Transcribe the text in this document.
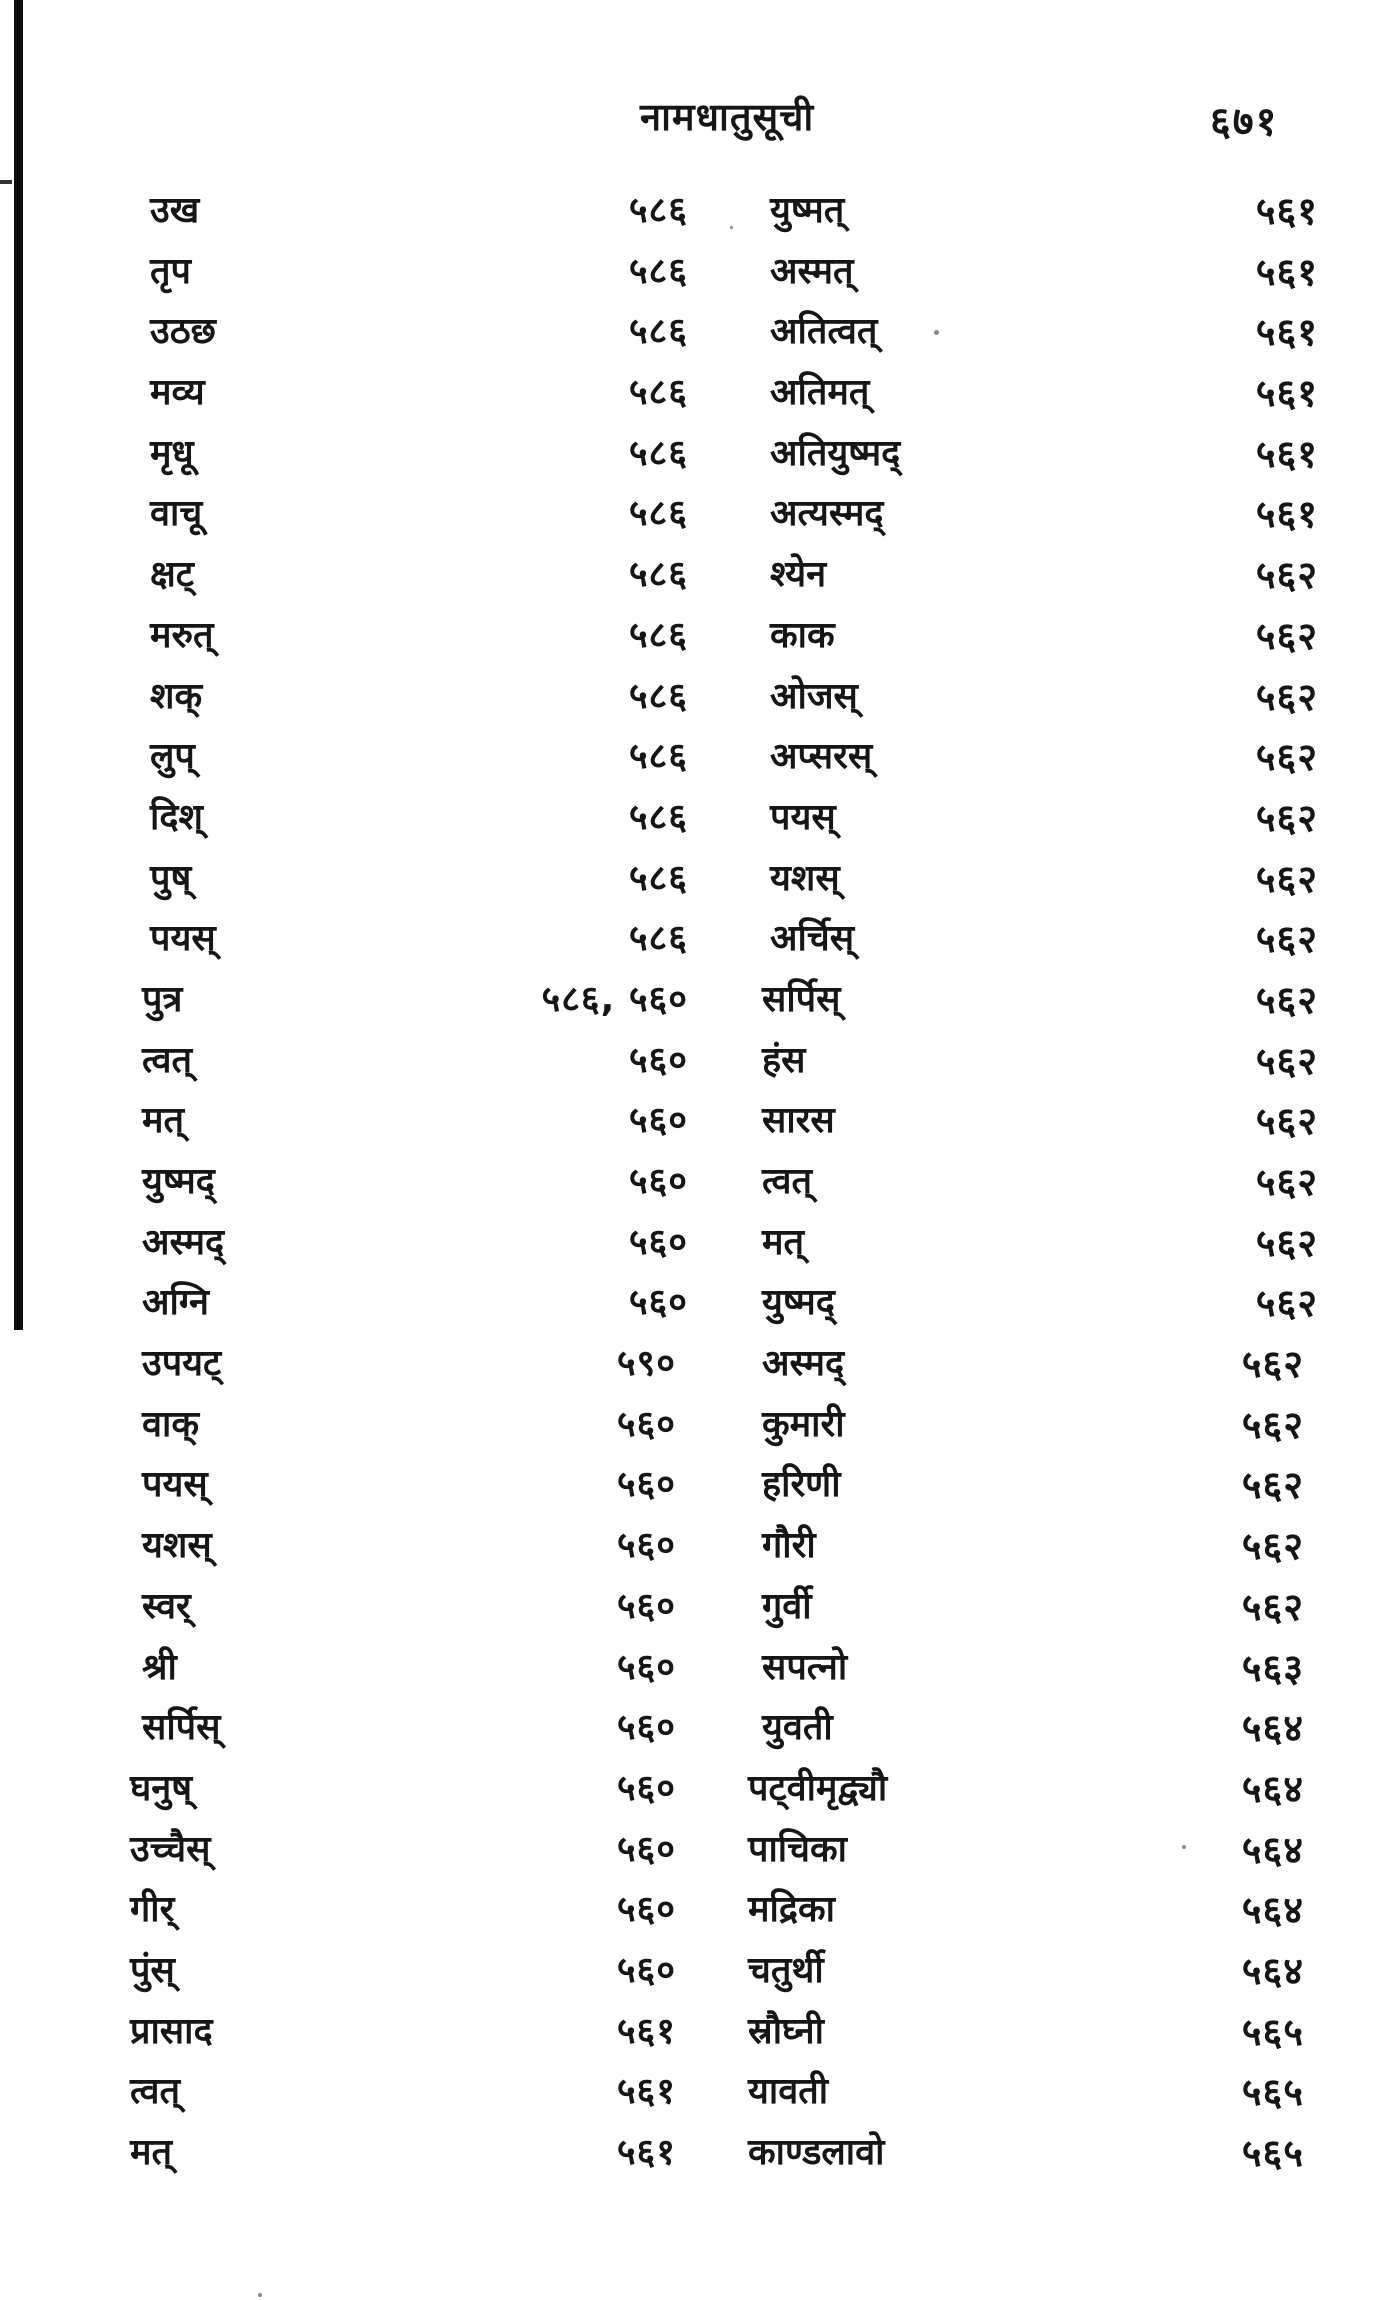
नामधातुसूची	६७१
उख	५८६ युष्मत्	५६१
तृप	५८६ अस्मत्	५६१
उठछ	५८६ अतित्वत्	५६१
मव्य	५८६ अतिमत्	५६१
मृधू	५८६ अतियुष्मद्	५६१
वाचू	५८६ अत्यस्मद्	५६१
क्षट्	५८६ श्येन	५६२
मरुत्	५८६ काक	५६२
शक्	५८६ ओजस्	५६२
लुप्	५८६ अप्सरस्	५६२
दिश्	५८६ पयस्	५६२
पुष्	५८६ यशस्	५६२
पयस्	५८६ अर्चिस्	५६२
पुत्र	५८६, ५६० सर्पिस्	५६२
त्वत्	५६० हंस	५६२
मत्	५६० सारस	५६२
युष्मद्	५६० त्वत्	५६२
अस्मद्	५६० मत्	५६२
अग्नि	५६० युष्मद्	५६२
उपयट्	५९० अस्मद्	५६२
वाक्	५६० कुमारी	५६२
पयस्	५६० हरिणी	५६२
यशस्	५६० गौरी	५६२
स्वर्	५६० गुर्वी	५६२
श्री	५६० सपत्नो	५६३
सर्पिस्	५६० युवती	५६४
घनुष्	५६० पट्वीमृद्व्यौ	५६४
उच्चैस्	५६० पाचिका	५६४
गीर्	५६० मद्रिका	५६४
पुंस्	५६० चतुर्थी	५६४
प्रासाद	५६१ स्रौघ्नी	५६५
त्वत्	५६१ यावती	५६५
मत्	५६१ काण्डलावो	५६५
